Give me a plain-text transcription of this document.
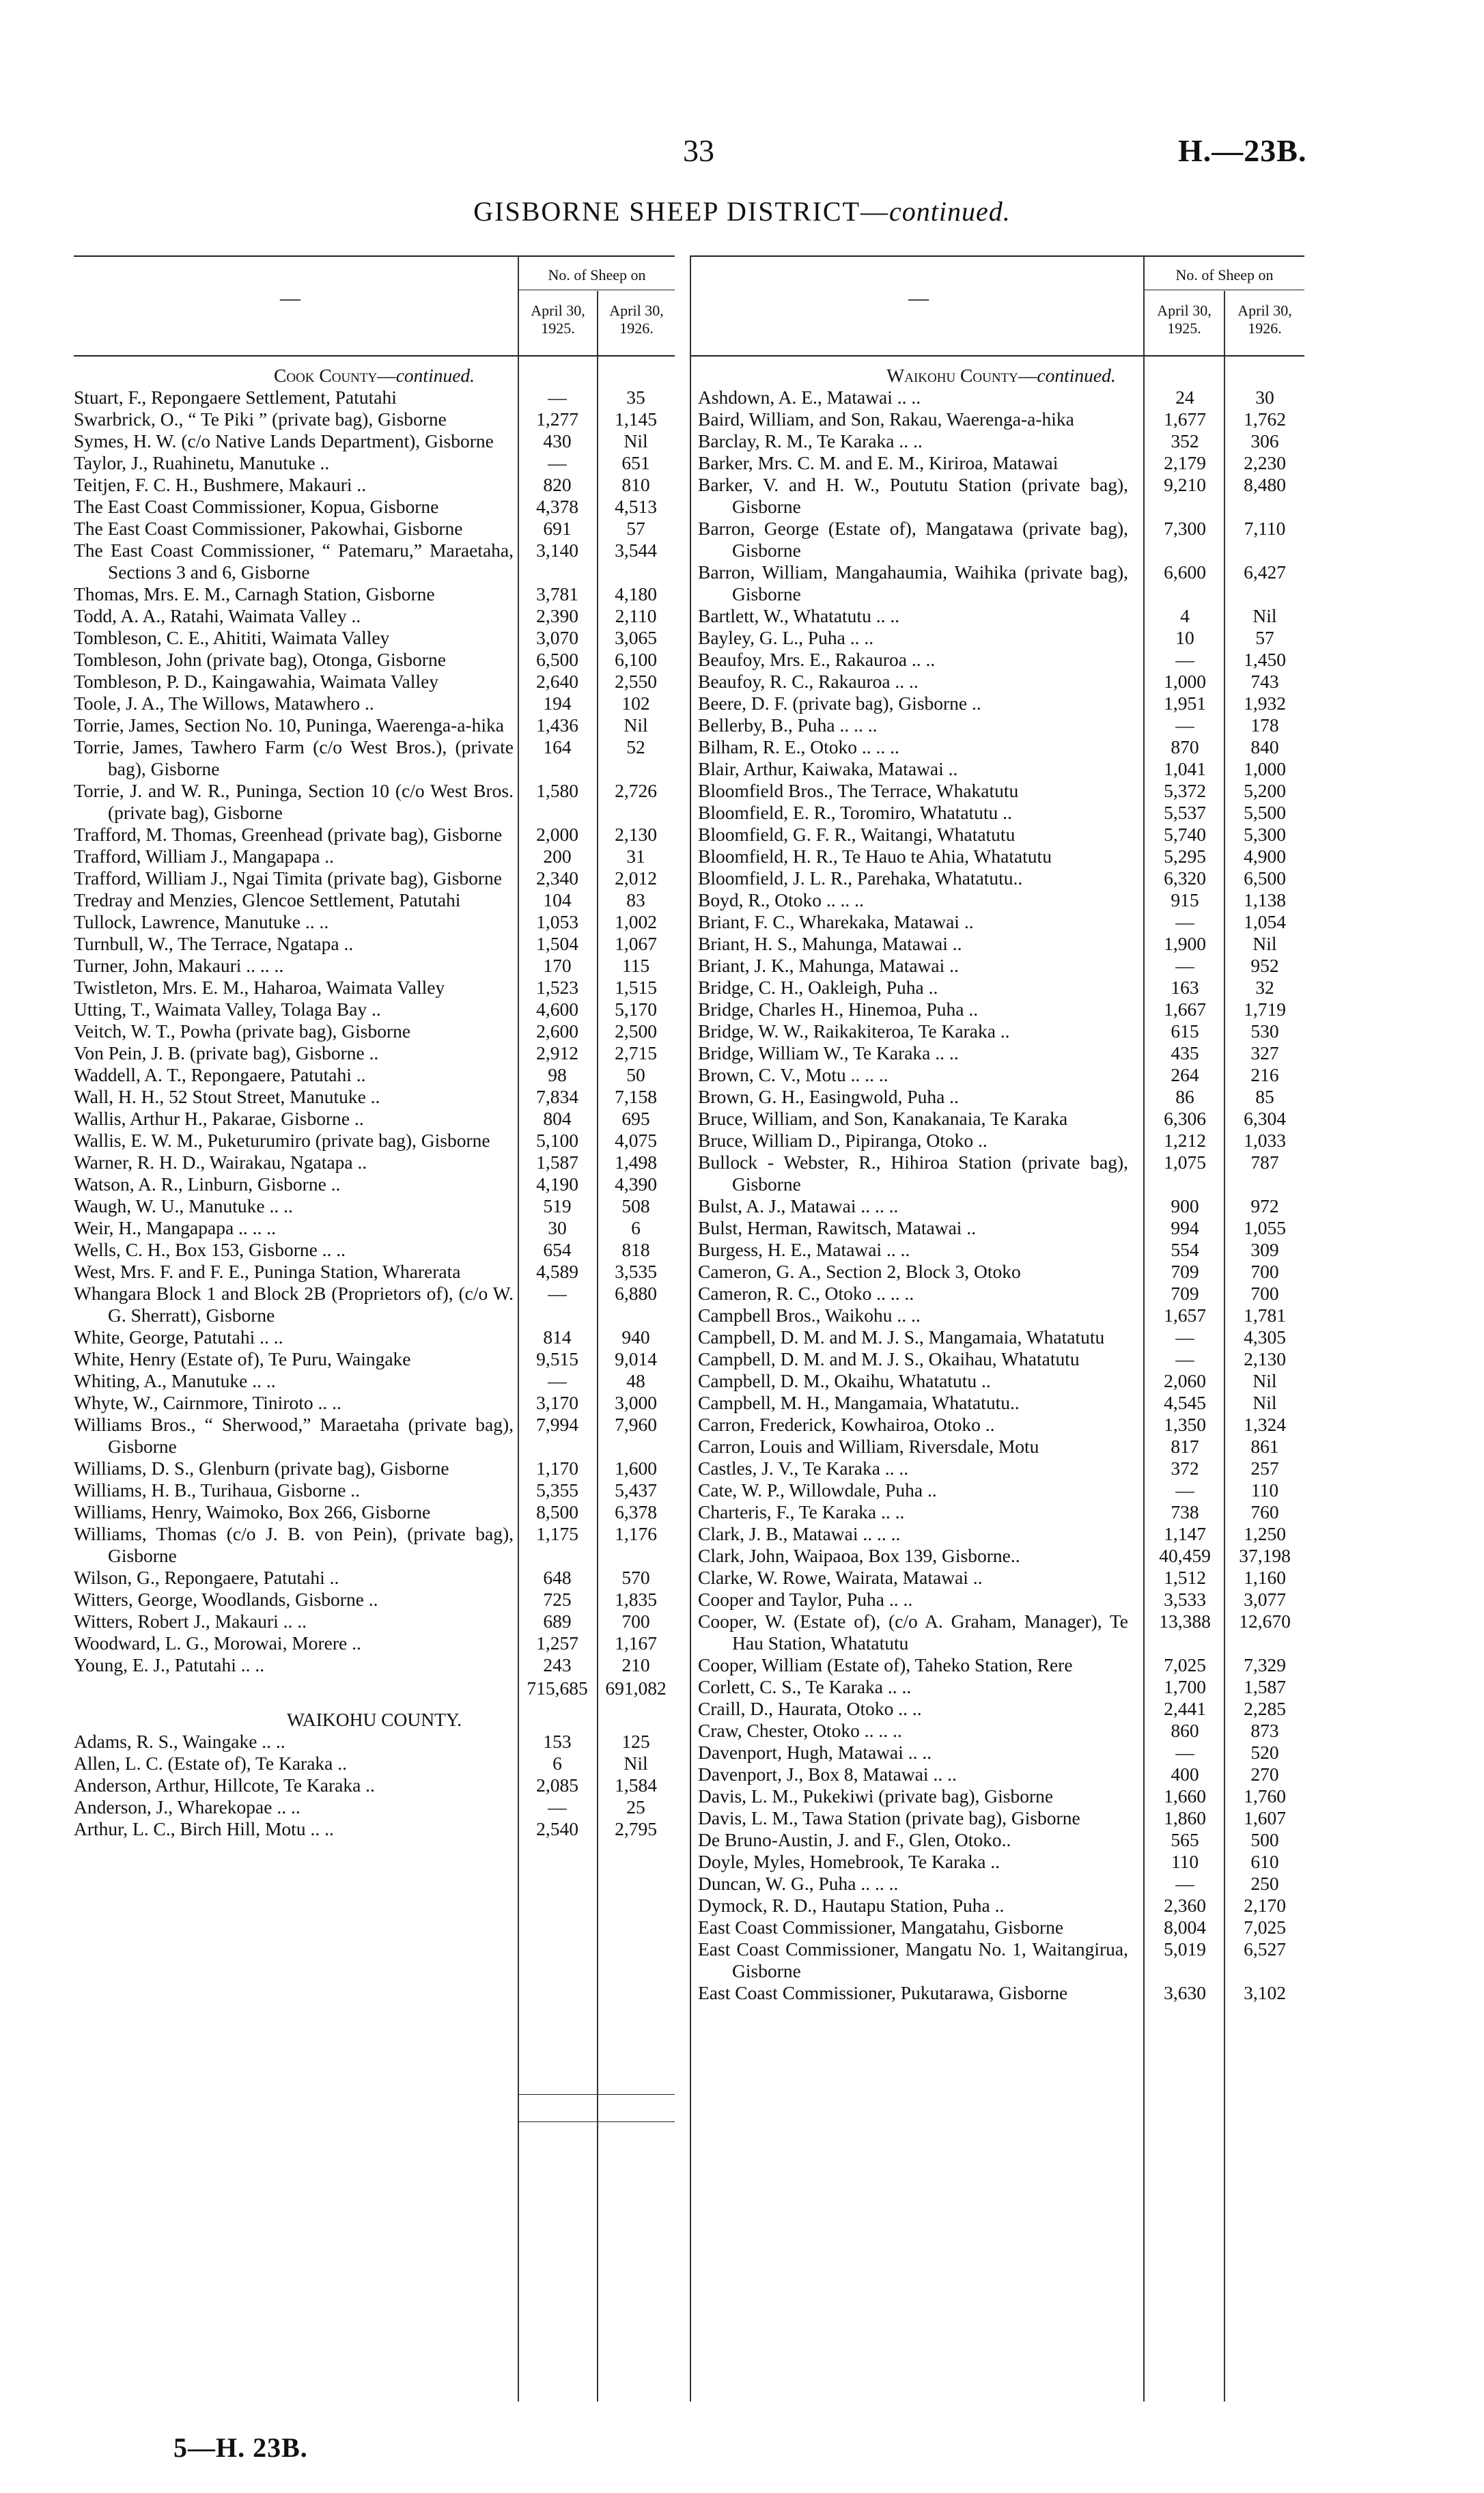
33	H.—23B.
GISBORNE SHEEP DISTRICT—continued.
—
No. of Sheep on
April 30,
1925.
April 30,
1926.
—
No. of Sheep on
April 30,
1925.
April 30,
1926.
Cook County—continued.			
Stuart, F., Repongaere Settlement, Patutahi		—	35
Swarbrick, O., “ Te Piki ” (private bag), Gisborne		1,277	1,145
Symes, H. W. (c/o Native Lands Department), Gisborne		430	Nil
Taylor, J., Ruahinetu, Manutuke ..		—	651
Teitjen, F. C. H., Bushmere, Makauri ..		820	810
The East Coast Commissioner, Kopua, Gisborne		4,378	4,513
The East Coast Commissioner, Pakowhai, Gisborne		691	57
The East Coast Commissioner, “ Patemaru,” Maraetaha, Sections 3 and 6, Gisborne		3,140	3,544
Thomas, Mrs. E. M., Carnagh Station, Gisborne		3,781	4,180
Todd, A. A., Ratahi, Waimata Valley ..		2,390	2,110
Tombleson, C. E., Ahititi, Waimata Valley		3,070	3,065
Tombleson, John (private bag), Otonga, Gisborne		6,500	6,100
Tombleson, P. D., Kaingawahia, Waimata Valley		2,640	2,550
Toole, J. A., The Willows, Matawhero ..		194	102
Torrie, James, Section No. 10, Puninga, Waerenga-a-hika		1,436	Nil
Torrie, James, Tawhero Farm (c/o West Bros.), (private bag), Gisborne		164	52
Torrie, J. and W. R., Puninga, Section 10 (c/o West Bros. (private bag), Gisborne		1,580	2,726
Trafford, M. Thomas, Greenhead (private bag), Gisborne		2,000	2,130
Trafford, William J., Mangapapa ..		200	31
Trafford, William J., Ngai Timita (private bag), Gisborne		2,340	2,012
Tredray and Menzies, Glencoe Settlement, Patutahi		104	83
Tullock, Lawrence, Manutuke .. ..		1,053	1,002
Turnbull, W., The Terrace, Ngatapa ..		1,504	1,067
Turner, John, Makauri .. .. ..		170	115
Twistleton, Mrs. E. M., Haharoa, Waimata Valley		1,523	1,515
Utting, T., Waimata Valley, Tolaga Bay ..		4,600	5,170
Veitch, W. T., Powha (private bag), Gisborne		2,600	2,500
Von Pein, J. B. (private bag), Gisborne ..		2,912	2,715
Waddell, A. T., Repongaere, Patutahi ..		98	50
Wall, H. H., 52 Stout Street, Manutuke ..		7,834	7,158
Wallis, Arthur H., Pakarae, Gisborne ..		804	695
Wallis, E. W. M., Puketurumiro (private bag), Gisborne		5,100	4,075
Warner, R. H. D., Wairakau, Ngatapa ..		1,587	1,498
Watson, A. R., Linburn, Gisborne ..		4,190	4,390
Waugh, W. U., Manutuke .. ..		519	508
Weir, H., Mangapapa .. .. ..		30	6
Wells, C. H., Box 153, Gisborne .. ..		654	818
West, Mrs. F. and F. E., Puninga Station, Wharerata		4,589	3,535
Whangara Block 1 and Block 2B (Proprietors of), (c/o W. G. Sherratt), Gisborne		—	6,880
White, George, Patutahi .. ..		814	940
White, Henry (Estate of), Te Puru, Waingake		9,515	9,014
Whiting, A., Manutuke .. ..		—	48
Whyte, W., Cairnmore, Tiniroto .. ..		3,170	3,000
Williams Bros., “ Sherwood,” Maraetaha (private bag), Gisborne		7,994	7,960
Williams, D. S., Glenburn (private bag), Gisborne		1,170	1,600
Williams, H. B., Turihaua, Gisborne ..		5,355	5,437
Williams, Henry, Waimoko, Box 266, Gisborne		8,500	6,378
Williams, Thomas (c/o J. B. von Pein), (private bag), Gisborne		1,175	1,176
Wilson, G., Repongaere, Patutahi ..		648	570
Witters, George, Woodlands, Gisborne ..		725	1,835
Witters, Robert J., Makauri .. ..		689	700
Woodward, L. G., Morowai, Morere ..		1,257	1,167
Young, E. J., Patutahi .. ..		243	210
		715,685	691,082
WAIKOHU COUNTY.			
Adams, R. S., Waingake .. ..		153	125
Allen, L. C. (Estate of), Te Karaka ..		6	Nil
Anderson, Arthur, Hillcote, Te Karaka ..		2,085	1,584
Anderson, J., Wharekopae .. ..		—	25
Arthur, L. C., Birch Hill, Motu .. ..		2,540	2,795
Waikohu County—continued.			
Ashdown, A. E., Matawai .. ..		24	30
Baird, William, and Son, Rakau, Waerenga-a-hika		1,677	1,762
Barclay, R. M., Te Karaka .. ..		352	306
Barker, Mrs. C. M. and E. M., Kiriroa, Matawai		2,179	2,230
Barker, V. and H. W., Poututu Station (private bag), Gisborne		9,210	8,480
Barron, George (Estate of), Mangatawa (private bag), Gisborne		7,300	7,110
Barron, William, Mangahaumia, Waihika (private bag), Gisborne		6,600	6,427
Bartlett, W., Whatatutu .. ..		4	Nil
Bayley, G. L., Puha .. ..		10	57
Beaufoy, Mrs. E., Rakauroa .. ..		—	1,450
Beaufoy, R. C., Rakauroa .. ..		1,000	743
Beere, D. F. (private bag), Gisborne ..		1,951	1,932
Bellerby, B., Puha .. .. ..		—	178
Bilham, R. E., Otoko .. .. ..		870	840
Blair, Arthur, Kaiwaka, Matawai ..		1,041	1,000
Bloomfield Bros., The Terrace, Whakatutu		5,372	5,200
Bloomfield, E. R., Toromiro, Whatatutu ..		5,537	5,500
Bloomfield, G. F. R., Waitangi, Whatatutu		5,740	5,300
Bloomfield, H. R., Te Hauo te Ahia, Whatatutu		5,295	4,900
Bloomfield, J. L. R., Parehaka, Whatatutu..		6,320	6,500
Boyd, R., Otoko .. .. ..		915	1,138
Briant, F. C., Wharekaka, Matawai ..		—	1,054
Briant, H. S., Mahunga, Matawai ..		1,900	Nil
Briant, J. K., Mahunga, Matawai ..		—	952
Bridge, C. H., Oakleigh, Puha ..		163	32
Bridge, Charles H., Hinemoa, Puha ..		1,667	1,719
Bridge, W. W., Raikakiteroa, Te Karaka ..		615	530
Bridge, William W., Te Karaka .. ..		435	327
Brown, C. V., Motu .. .. ..		264	216
Brown, G. H., Easingwold, Puha ..		86	85
Bruce, William, and Son, Kanakanaia, Te Karaka		6,306	6,304
Bruce, William D., Pipiranga, Otoko ..		1,212	1,033
Bullock - Webster, R., Hihiroa Station (private bag), Gisborne		1,075	787
Bulst, A. J., Matawai .. .. ..		900	972
Bulst, Herman, Rawitsch, Matawai ..		994	1,055
Burgess, H. E., Matawai .. ..		554	309
Cameron, G. A., Section 2, Block 3, Otoko		709	700
Cameron, R. C., Otoko .. .. ..		709	700
Campbell Bros., Waikohu .. ..		1,657	1,781
Campbell, D. M. and M. J. S., Mangamaia, Whatatutu		—	4,305
Campbell, D. M. and M. J. S., Okaihau, Whatatutu		—	2,130
Campbell, D. M., Okaihu, Whatatutu ..		2,060	Nil
Campbell, M. H., Mangamaia, Whatatutu..		4,545	Nil
Carron, Frederick, Kowhairoa, Otoko ..		1,350	1,324
Carron, Louis and William, Riversdale, Motu		817	861
Castles, J. V., Te Karaka .. ..		372	257
Cate, W. P., Willowdale, Puha ..		—	110
Charteris, F., Te Karaka .. ..		738	760
Clark, J. B., Matawai .. .. ..		1,147	1,250
Clark, John, Waipaoa, Box 139, Gisborne..		40,459	37,198
Clarke, W. Rowe, Wairata, Matawai ..		1,512	1,160
Cooper and Taylor, Puha .. ..		3,533	3,077
Cooper, W. (Estate of), (c/o A. Graham, Manager), Te Hau Station, Whatatutu		13,388	12,670
Cooper, William (Estate of), Taheko Station, Rere		7,025	7,329
Corlett, C. S., Te Karaka .. ..		1,700	1,587
Craill, D., Haurata, Otoko .. ..		2,441	2,285
Craw, Chester, Otoko .. .. ..		860	873
Davenport, Hugh, Matawai .. ..		—	520
Davenport, J., Box 8, Matawai .. ..		400	270
Davis, L. M., Pukekiwi (private bag), Gisborne		1,660	1,760
Davis, L. M., Tawa Station (private bag), Gisborne		1,860	1,607
De Bruno-Austin, J. and F., Glen, Otoko..		565	500
Doyle, Myles, Homebrook, Te Karaka ..		110	610
Duncan, W. G., Puha .. .. ..		—	250
Dymock, R. D., Hautapu Station, Puha ..		2,360	2,170
East Coast Commissioner, Mangatahu, Gisborne		8,004	7,025
East Coast Commissioner, Mangatu No. 1, Waitangirua, Gisborne		5,019	6,527
East Coast Commissioner, Pukutarawa, Gisborne		3,630	3,102
5—H. 23B.
